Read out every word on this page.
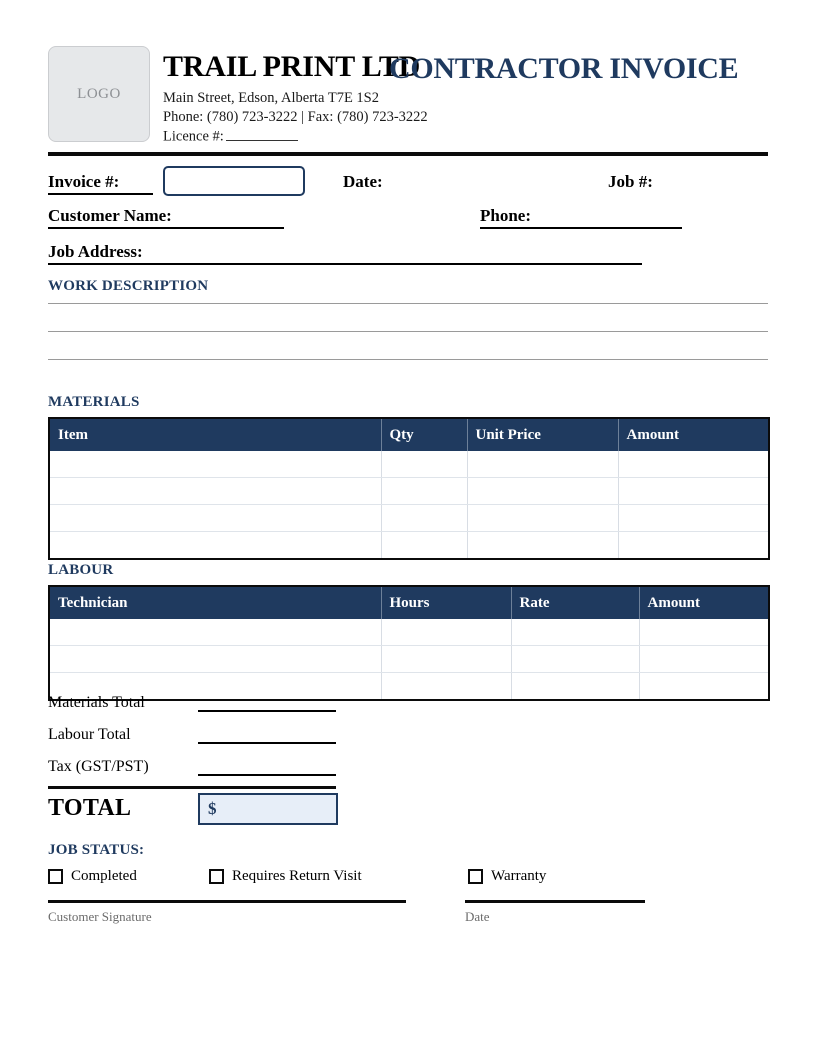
LOGO
TRAIL PRINT LTD
CONTRACTOR INVOICE
Main Street, Edson, Alberta T7E 1S2
Phone: (780) 723-3222 | Fax: (780) 723-3222
Licence #:
Invoice #:	Date:	Job #:
Customer Name:	Phone:
Job Address:
WORK DESCRIPTION
MATERIALS
Item	Qty	Unit Price	Amount

LABOUR
Technician	Hours	Rate	Amount

Materials Total
Labour Total
Tax (GST/PST)
TOTAL	$
JOB STATUS:
Completed	Requires Return Visit	Warranty
Customer Signature	Date
